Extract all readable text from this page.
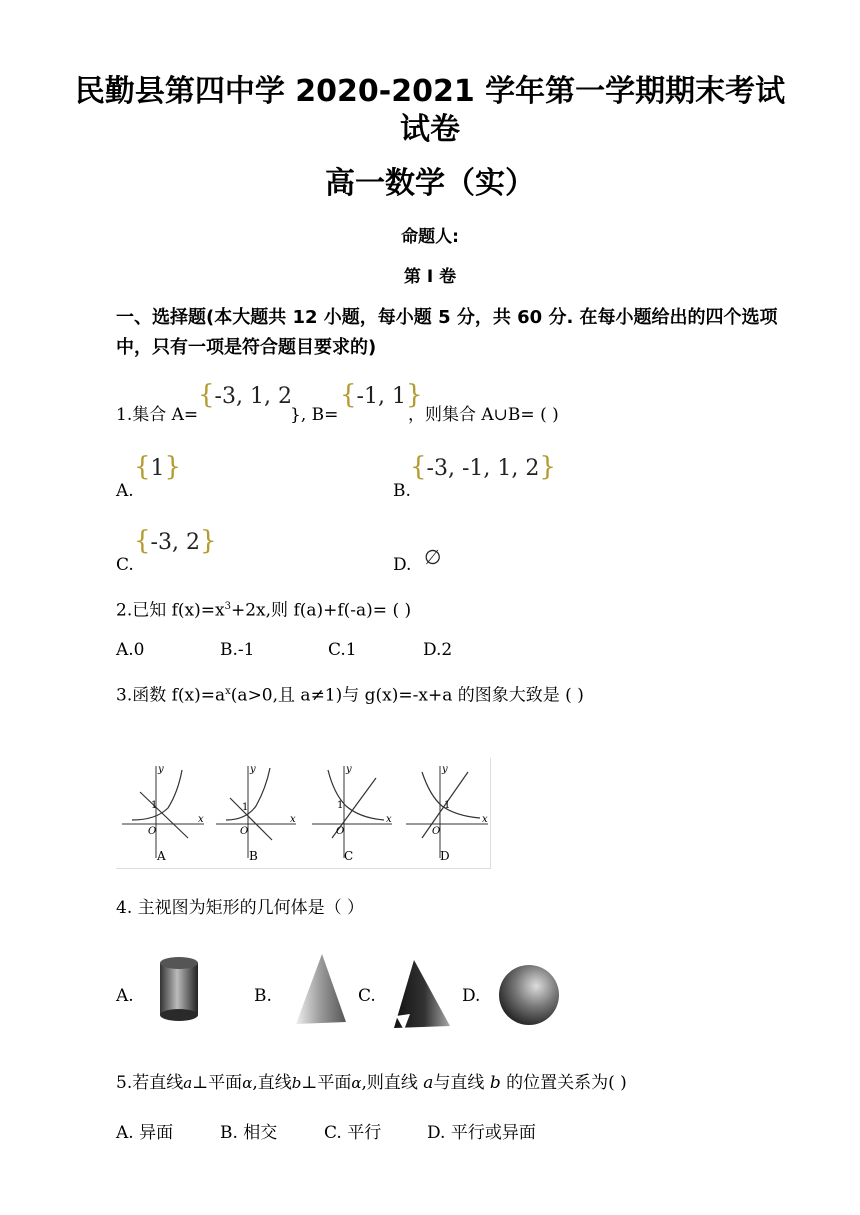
民勤县第四中学 2020-2021 学年第一学期期末考试
试卷
高一数学（实）
命题人:
第 I 卷
一、选择题(本大题共 12 小题，每小题 5 分，共 60 分. 在每小题给出的四个选项中，只有一项是符合题目要求的)
1.集合 A=
{-3, 1, 2
}, B=
{-1, 1}
，则集合 A∪B= ( )
A.
{1}
B.
{-3, -1, 1, 2}
C.
{-3, 2}
D. ∅
2.已知 $f(x)=x^3+2x$,则 f(a)+f(-a)= ( )
A.0	B.-1	C.1	D.2
3.函数 $f(x)=a^x(a>0$,且 a≠1)与 g(x)=-x+a 的图象大致是 ( )
y
x
O
1
A
y
x
O
1
B
y
x
O
1
C
y
x
O
1
D
4. 主视图为矩形的几何体是（ ）
A.	B.	C.	D.
5.若直线a⊥平面α,直线b⊥平面α,则直线 a与直线 b 的位置关系为( )
A. 异面	B. 相交	C. 平行	D. 平行或异面
